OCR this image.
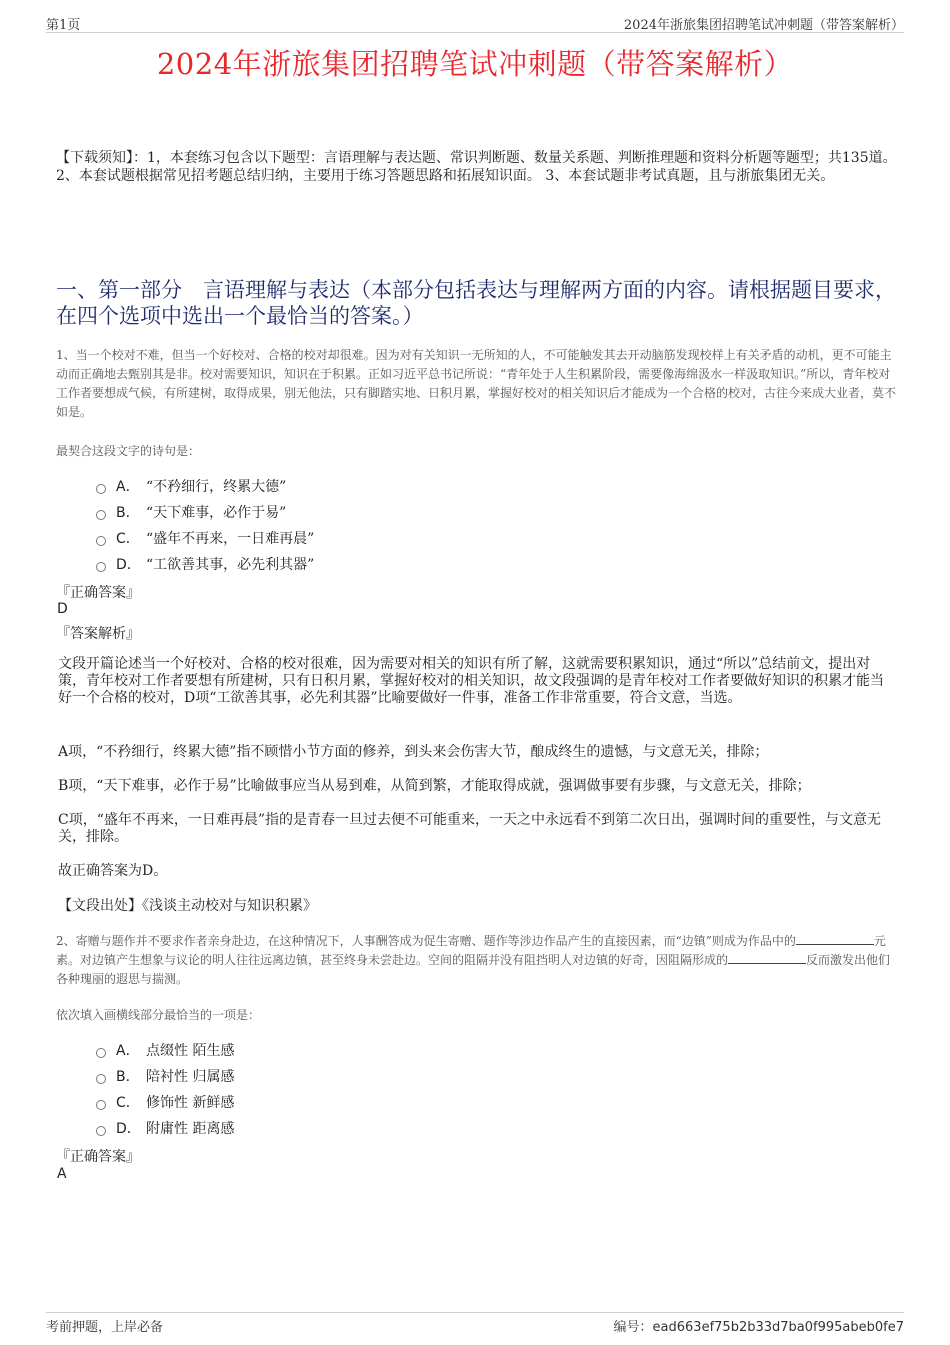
第1页	2024年浙旅集团招聘笔试冲刺题（带答案解析）
2024年浙旅集团招聘笔试冲刺题（带答案解析）
【下载须知】：1，本套练习包含以下题型：言语理解与表达题、常识判断题、数量关系题、判断推理题和资料分析题等题型；共135道。 2、本套试题根据常见招考题总结归纳，主要用于练习答题思路和拓展知识面。 3、本套试题非考试真题，且与浙旅集团无关。
一、第一部分　言语理解与表达（本部分包括表达与理解两方面的内容。请根据题目要求，在四个选项中选出一个最恰当的答案。）
1、当一个校对不难，但当一个好校对、合格的校对却很难。因为对有关知识一无所知的人，不可能触发其去开动脑筋发现校样上有关矛盾的动机，更不可能主动而正确地去甄别其是非。校对需要知识，知识在于积累。正如习近平总书记所说：“青年处于人生积累阶段，需要像海绵汲水一样汲取知识。”所以，青年校对工作者要想成气候，有所建树，取得成果，别无他法，只有脚踏实地、日积月累，掌握好校对的相关知识后才能成为一个合格的校对，古往今来成大业者，莫不如是。
最契合这段文字的诗句是：
A． “不矜细行，终累大德”
B． “天下难事，必作于易”
C． “盛年不再来，一日难再晨”
D． “工欲善其事，必先利其器”
『正确答案』
D
『答案解析』
文段开篇论述当一个好校对、合格的校对很难，因为需要对相关的知识有所了解，这就需要积累知识，通过“所以”总结前文，提出对策，青年校对工作者要想有所建树，只有日积月累，掌握好校对的相关知识，故文段强调的是青年校对工作者要做好知识的积累才能当好一个合格的校对，D项“工欲善其事，必先利其器”比喻要做好一件事，准备工作非常重要，符合文意，当选。
A项，“不矜细行，终累大德”指不顾惜小节方面的修养，到头来会伤害大节，酿成终生的遗憾，与文意无关，排除；
B项，“天下难事，必作于易”比喻做事应当从易到难，从简到繁，才能取得成就，强调做事要有步骤，与文意无关，排除；
C项，“盛年不再来，一日难再晨”指的是青春一旦过去便不可能重来，一天之中永远看不到第二次日出，强调时间的重要性，与文意无关，排除。
故正确答案为D。
【文段出处】《浅谈主动校对与知识积累》
2、寄赠与题作并不要求作者亲身赴边，在这种情况下，人事酬答成为促生寄赠、题作等涉边作品产生的直接因素，而“边镇”则成为作品中的	元素。对边镇产生想象与议论的明人往往远离边镇，甚至终身未尝赴边。空间的阻隔并没有阻挡明人对边镇的好奇，因阻隔形成的	反而激发出他们各种瑰丽的遐思与揣测。
依次填入画横线部分最恰当的一项是：
A． 点缀性 陌生感
B． 陪衬性 归属感
C． 修饰性 新鲜感
D． 附庸性 距离感
『正确答案』
A
考前押题，上岸必备	编号：ead663ef75b2b33d7ba0f995abeb0fe7
